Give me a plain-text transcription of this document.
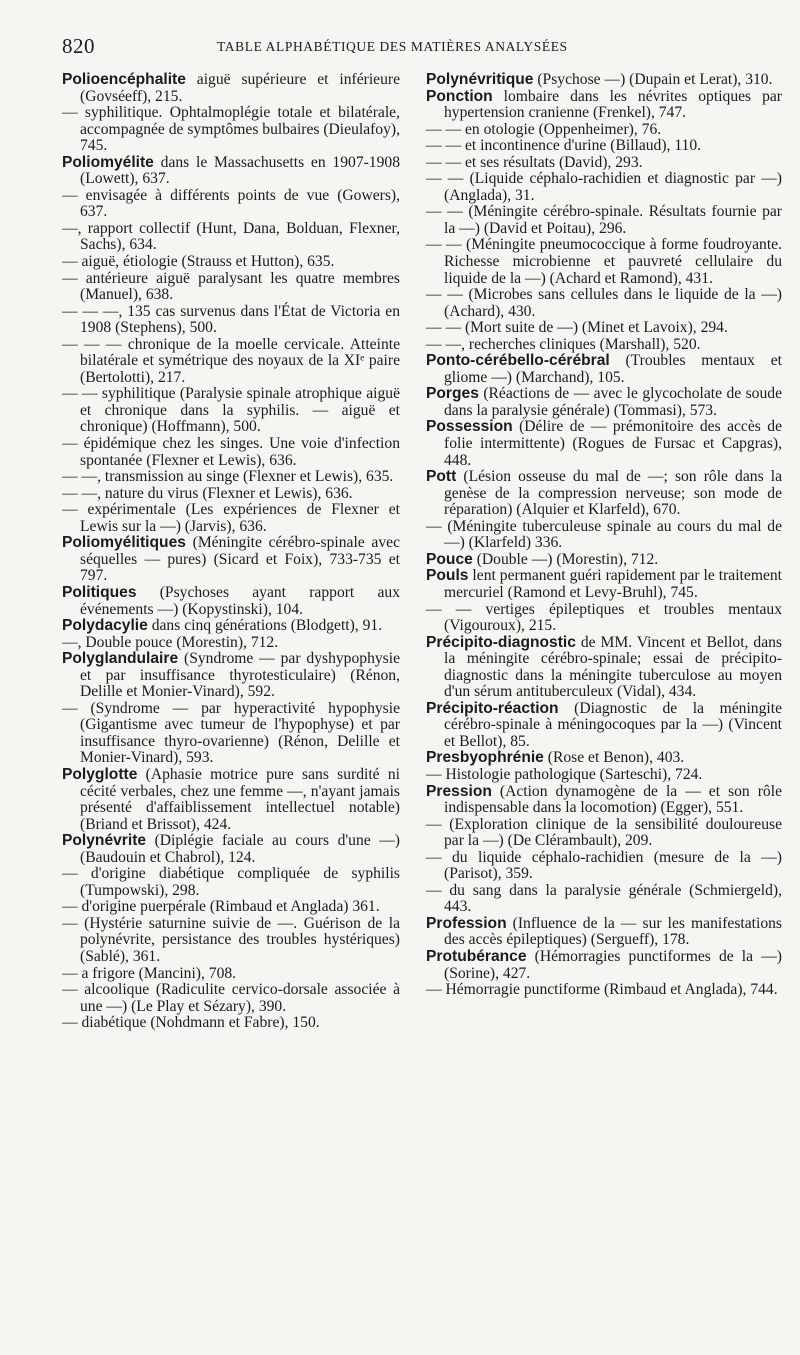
820	TABLE ALPHABÉTIQUE DES MATIÈRES ANALYSÉES

Polioencéphalite aiguë supérieure et inférieure (Govséeff), 215.

— syphilitique. Ophtalmoplégie totale et bilatérale, accompagnée de symptômes bulbaires (Dieulafoy), 745.

Poliomyélite dans le Massachusetts en 1907-1908 (Lowett), 637.

— envisagée à différents points de vue (Gowers), 637.

—, rapport collectif (Hunt, Dana, Bolduan, Flexner, Sachs), 634.

— aiguë, étiologie (Strauss et Hutton), 635.

— antérieure aiguë paralysant les quatre membres (Manuel), 638.

— — —, 135 cas survenus dans l'État de Victoria en 1908 (Stephens), 500.

— — — chronique de la moelle cervicale. Atteinte bilatérale et symétrique des noyaux de la XIᵉ paire (Bertolotti), 217.

— — syphilitique (Paralysie spinale atrophique aiguë et chronique dans la syphilis. — aiguë et chronique) (Hoffmann), 500.

— épidémique chez les singes. Une voie d'infection spontanée (Flexner et Lewis), 636.

— —, transmission au singe (Flexner et Lewis), 635.

— —, nature du virus (Flexner et Lewis), 636.

— expérimentale (Les expériences de Flexner et Lewis sur la —) (Jarvis), 636.

Poliomyélitiques (Méningite cérébro-spinale avec séquelles — pures) (Sicard et Foix), 733-735 et 797.

Politiques (Psychoses ayant rapport aux événements —) (Kopystinski), 104.

Polydacylie dans cinq générations (Blodgett), 91.

—, Double pouce (Morestin), 712.

Polyglandulaire (Syndrome — par dyshypophysie et par insuffisance thyrotesticulaire) (Rénon, Delille et Monier-Vinard), 592.

— (Syndrome — par hyperactivité hypophysie (Gigantisme avec tumeur de l'hypophyse) et par insuffisance thyro-ovarienne) (Rénon, Delille et Monier-Vinard), 593.

Polyglotte (Aphasie motrice pure sans surdité ni cécité verbales, chez une femme —, n'ayant jamais présenté d'affaiblissement intellectuel notable) (Briand et Brissot), 424.

Polynévrite (Diplégie faciale au cours d'une —) (Baudouin et Chabrol), 124.

— d'origine diabétique compliquée de syphilis (Tumpowski), 298.

— d'origine puerpérale (Rimbaud et Anglada) 361.

— (Hystérie saturnine suivie de —. Guérison de la polynévrite, persistance des troubles hystériques) (Sablé), 361.

— a frigore (Mancini), 708.

— alcoolique (Radiculite cervico-dorsale associée à une —) (Le Play et Sézary), 390.

— diabétique (Nohdmann et Fabre), 150.

Polynévritique (Psychose —) (Dupain et Lerat), 310.

Ponction lombaire dans les névrites optiques par hypertension cranienne (Frenkel), 747.

— — en otologie (Oppenheimer), 76.

— — et incontinence d'urine (Billaud), 110.

— — et ses résultats (David), 293.

— — (Liquide céphalo-rachidien et diagnostic par —) (Anglada), 31.

— — (Méningite cérébro-spinale. Résultats fournie par la —) (David et Poitau), 296.

— — (Méningite pneumococcique à forme foudroyante. Richesse microbienne et pauvreté cellulaire du liquide de la —) (Achard et Ramond), 431.

— — (Microbes sans cellules dans le liquide de la —) (Achard), 430.

— — (Mort suite de —) (Minet et Lavoix), 294.

— —, recherches cliniques (Marshall), 520.

Ponto-cérébello-cérébral (Troubles mentaux et gliome —) (Marchand), 105.

Porges (Réactions de — avec le glycocholate de soude dans la paralysie générale) (Tommasi), 573.

Possession (Délire de — prémonitoire des accès de folie intermittente) (Rogues de Fursac et Capgras), 448.

Pott (Lésion osseuse du mal de —; son rôle dans la genèse de la compression nerveuse; son mode de réparation) (Alquier et Klarfeld), 670.

— (Méningite tuberculeuse spinale au cours du mal de —) (Klarfeld) 336.

Pouce (Double —) (Morestin), 712.

Pouls lent permanent guéri rapidement par le traitement mercuriel (Ramond et Levy-Bruhl), 745.

— — vertiges épileptiques et troubles mentaux (Vigouroux), 215.

Précipito-diagnostic de MM. Vincent et Bellot, dans la méningite cérébro-spinale; essai de précipito-diagnostic dans la méningite tuberculose au moyen d'un sérum antituberculeux (Vidal), 434.

Précipito-réaction (Diagnostic de la méningite cérébro-spinale à méningocoques par la —) (Vincent et Bellot), 85.

Presbyophrénie (Rose et Benon), 403.

— Histologie pathologique (Sarteschi), 724.

Pression (Action dynamogène de la — et son rôle indispensable dans la locomotion) (Egger), 551.

— (Exploration clinique de la sensibilité douloureuse par la —) (De Clérambault), 209.

— du liquide céphalo-rachidien (mesure de la —) (Parisot), 359.

— du sang dans la paralysie générale (Schmiergeld), 443.

Profession (Influence de la — sur les manifestations des accès épileptiques) (Sergueff), 178.

Protubérance (Hémorragies punctiformes de la —) (Sorine), 427.

— Hémorragie punctiforme (Rimbaud et Anglada), 744.
